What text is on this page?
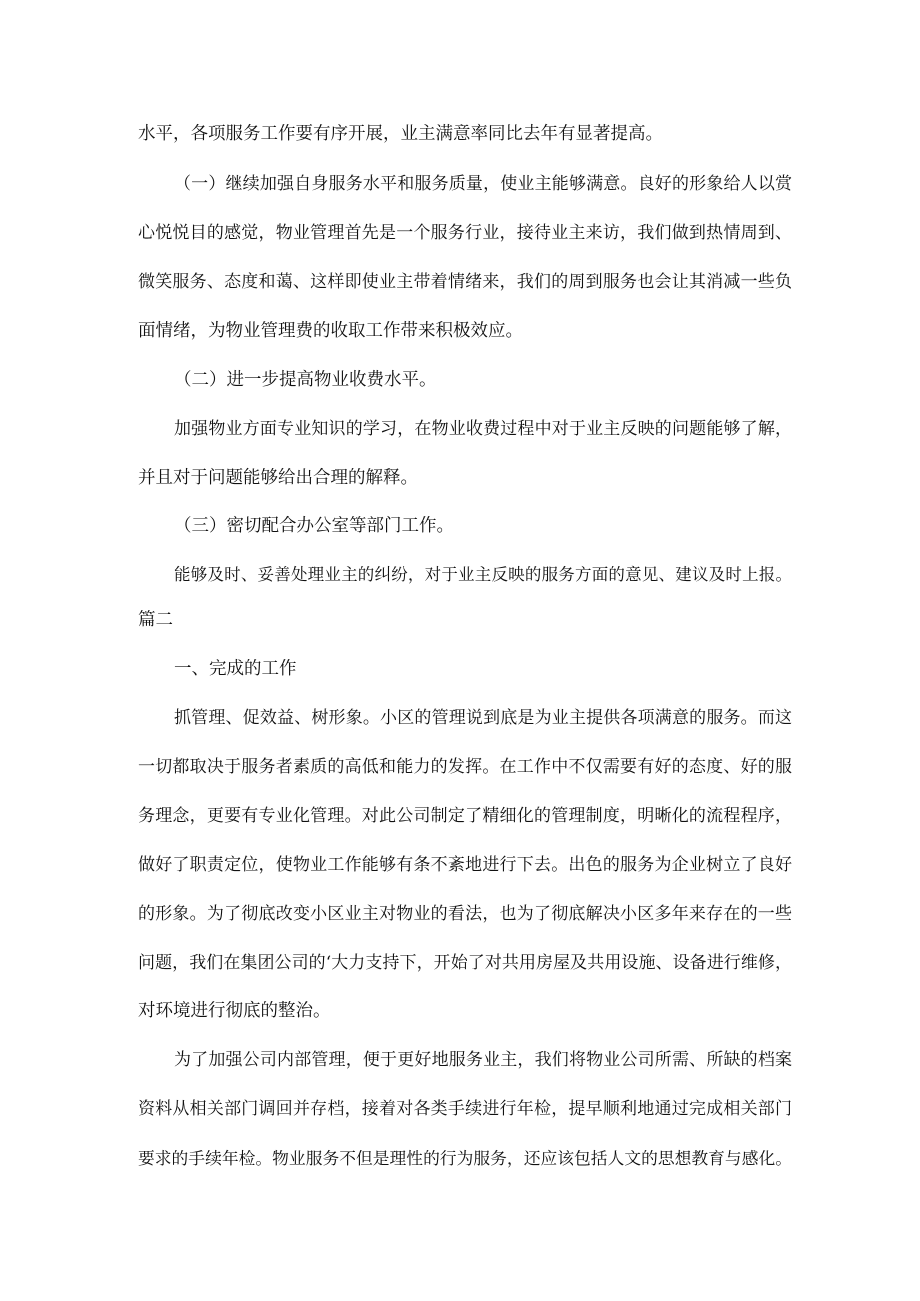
水平，各项服务工作要有序开展，业主满意率同比去年有显著提高。
（一）继续加强自身服务水平和服务质量，使业主能够满意。良好的形象给人以赏
心悦悦目的感觉，物业管理首先是一个服务行业，接待业主来访，我们做到热情周到、
微笑服务、态度和蔼、这样即使业主带着情绪来，我们的周到服务也会让其消减一些负
面情绪，为物业管理费的收取工作带来积极效应。
（二）进一步提高物业收费水平。
加强物业方面专业知识的学习，在物业收费过程中对于业主反映的问题能够了解，
并且对于问题能够给出合理的解释。
（三）密切配合办公室等部门工作。
能够及时、妥善处理业主的纠纷，对于业主反映的服务方面的意见、建议及时上报。
篇二
一、完成的工作
抓管理、促效益、树形象。小区的管理说到底是为业主提供各项满意的服务。而这
一切都取决于服务者素质的高低和能力的发挥。在工作中不仅需要有好的态度、好的服
务理念，更要有专业化管理。对此公司制定了精细化的管理制度，明晰化的流程程序，
做好了职责定位，使物业工作能够有条不紊地进行下去。出色的服务为企业树立了良好
的形象。为了彻底改变小区业主对物业的看法，也为了彻底解决小区多年来存在的一些
问题，我们在集团公司的‘大力支持下，开始了对共用房屋及共用设施、设备进行维修，
对环境进行彻底的整治。
为了加强公司内部管理，便于更好地服务业主，我们将物业公司所需、所缺的档案
资料从相关部门调回并存档，接着对各类手续进行年检，提早顺利地通过完成相关部门
要求的手续年检。物业服务不但是理性的行为服务，还应该包括人文的思想教育与感化。
